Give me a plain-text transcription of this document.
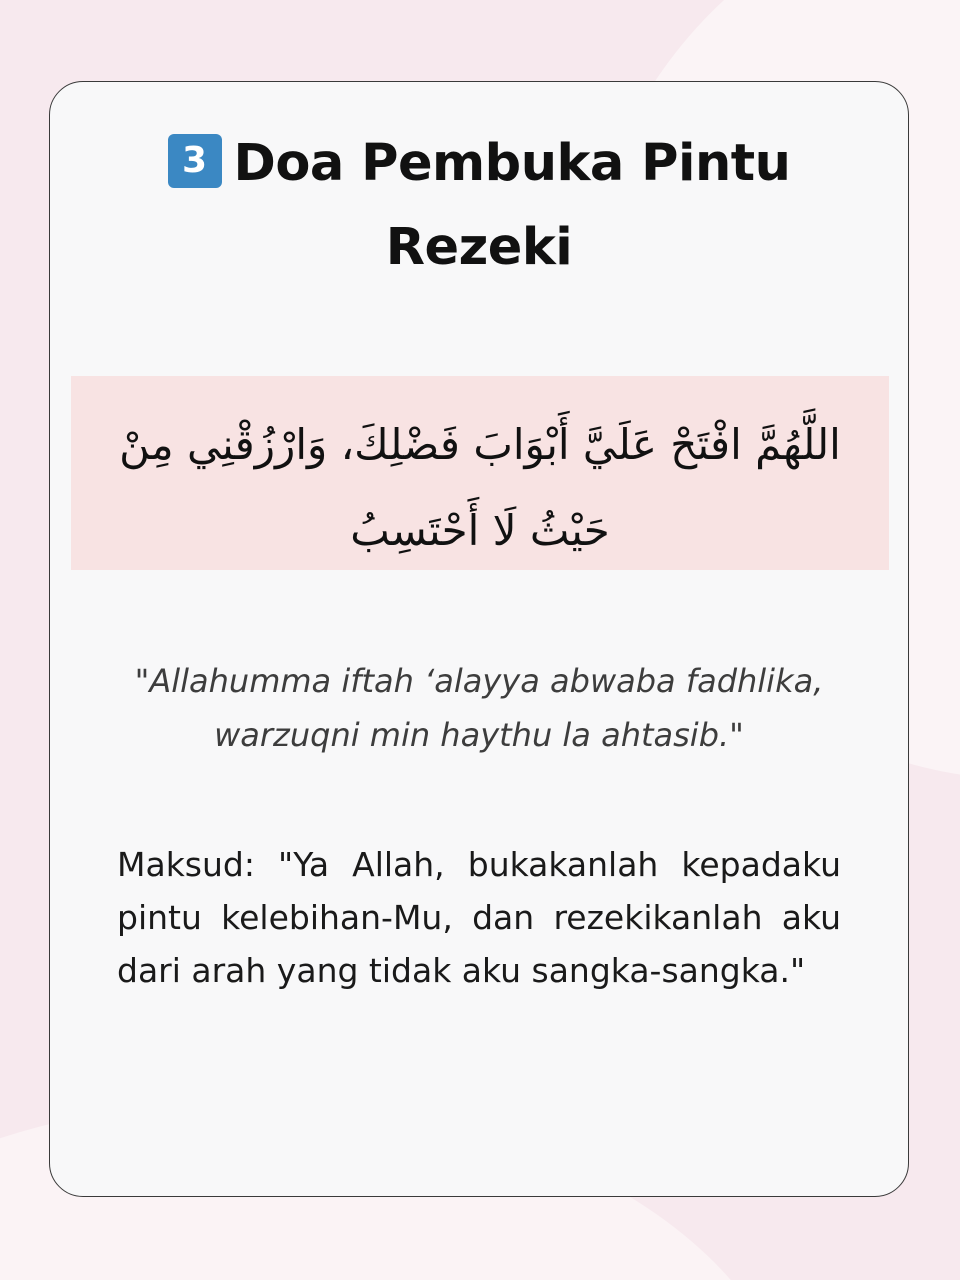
3 Doa Pembuka Pintu
Rezeki
اللَّهُمَّ افْتَحْ عَلَيَّ أَبْوَابَ فَضْلِكَ، وَارْزُقْنِي مِنْ حَيْثُ لَا أَحْتَسِبُ
"Allahumma iftah ‘alayya abwaba fadhlika, warzuqni min haythu la ahtasib."
Maksud: "Ya Allah, bukakanlah kepadaku pintu kelebihan-Mu, dan rezekikanlah aku dari arah yang tidak aku sangka-sangka."
